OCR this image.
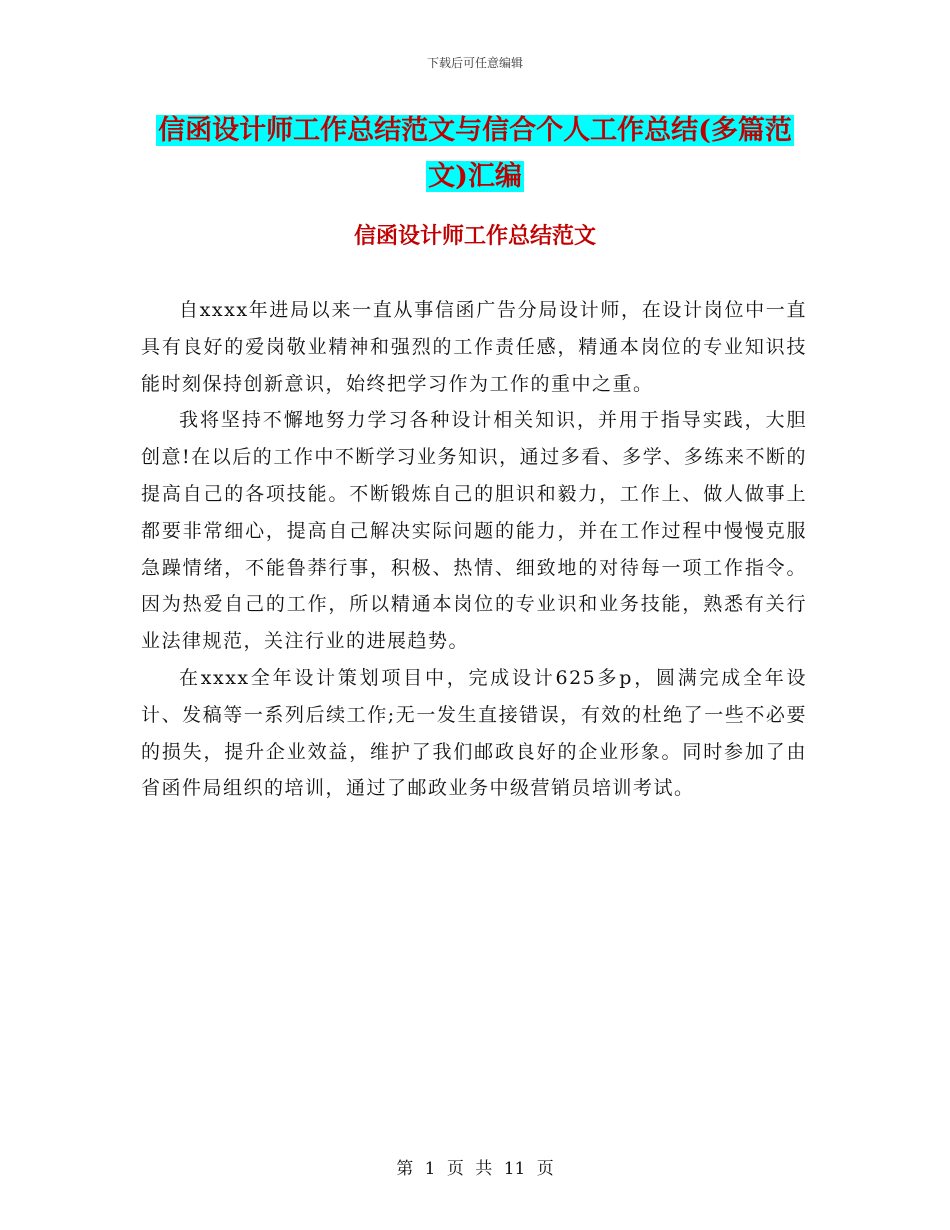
下载后可任意编辑
信函设计师工作总结范文与信合个人工作总结(多篇范文)汇编
信函设计师工作总结范文

自xxxx年进局以来一直从事信函广告分局设计师，在设计岗位中一直具有良好的爱岗敬业精神和强烈的工作责任感，精通本岗位的专业知识技能时刻保持创新意识，始终把学习作为工作的重中之重。

我将坚持不懈地努力学习各种设计相关知识，并用于指导实践，大胆创意!在以后的工作中不断学习业务知识，通过多看、多学、多练来不断的提高自己的各项技能。不断锻炼自己的胆识和毅力，工作上、做人做事上都要非常细心，提高自己解决实际问题的能力，并在工作过程中慢慢克服急躁情绪，不能鲁莽行事，积极、热情、细致地的对待每一项工作指令。 因为热爱自己的工作，所以精通本岗位的专业识和业务技能，熟悉有关行业法律规范，关注行业的进展趋势。

在xxxx全年设计策划项目中，完成设计625多p，圆满完成全年设计、发稿等一系列后续工作;无一发生直接错误，有效的杜绝了一些不必要的损失，提升企业效益，维护了我们邮政良好的企业形象。同时参加了由省函件局组织的培训，通过了邮政业务中级营销员培训考试。

第 1 页 共 11 页
